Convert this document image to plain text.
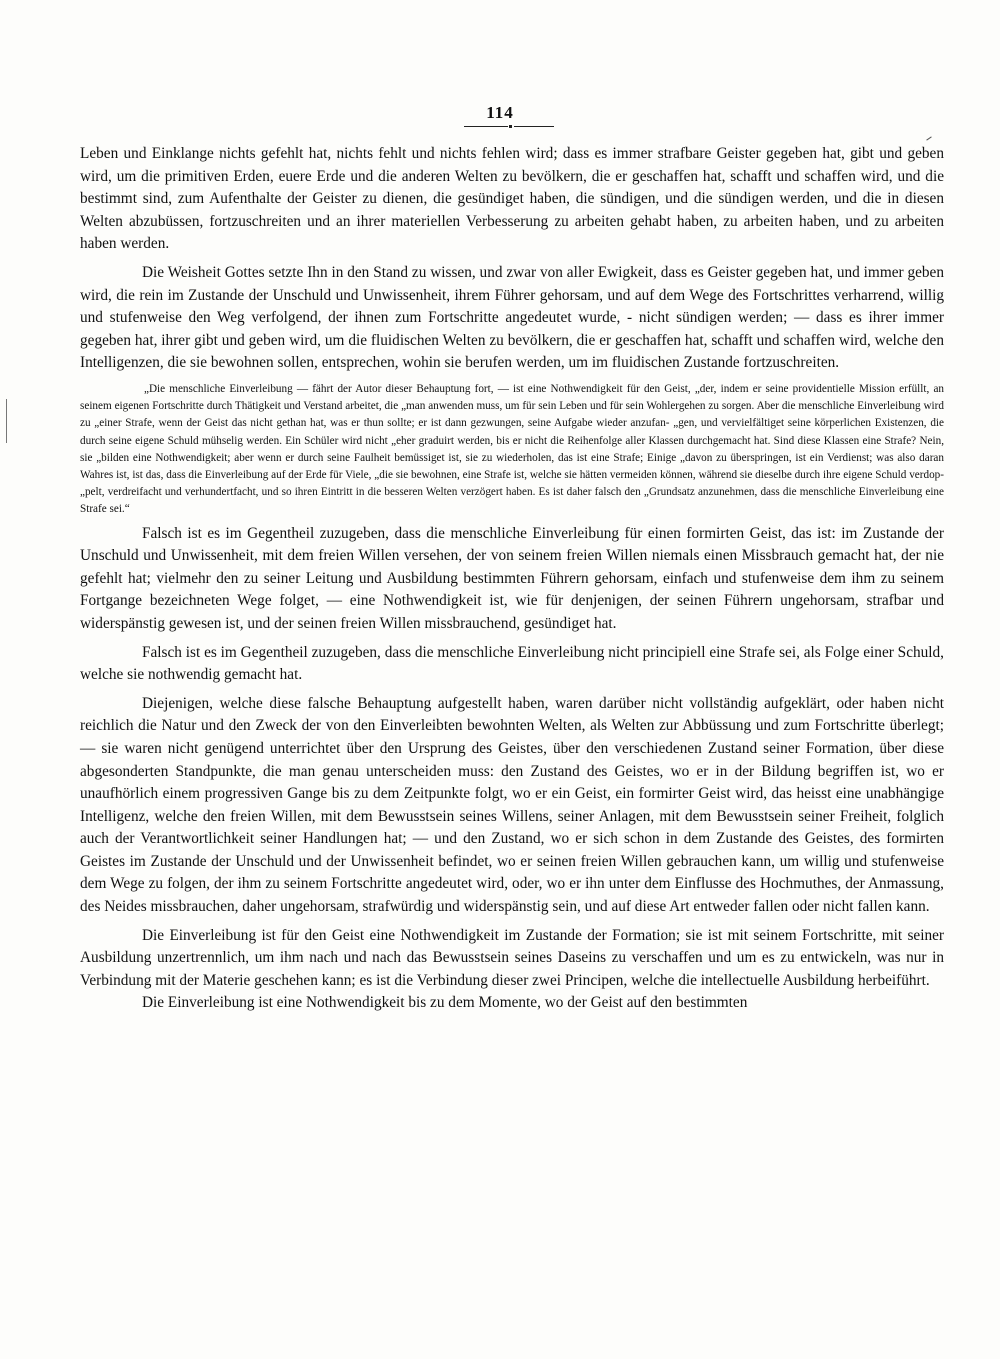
114

Leben und Einklange nichts gefehlt hat, nichts fehlt und nichts fehlen wird; dass es immer strafbare Geister gegeben hat, gibt und geben wird, um die primitiven Erden, euere Erde und die anderen Welten zu bevölkern, die er geschaffen hat, schafft und schaffen wird, und die bestimmt sind, zum Aufenthalte der Geister zu dienen, die gesündiget haben, die sündigen, und die sündigen werden, und die in diesen Welten abzubüssen, fortzuschreiten und an ihrer materiellen Verbesserung zu arbeiten gehabt haben, zu arbeiten haben, und zu arbeiten haben werden.

Die Weisheit Gottes setzte Ihn in den Stand zu wissen, und zwar von aller Ewigkeit, dass es Geister gegeben hat, und immer geben wird, die rein im Zustande der Unschuld und Unwissenheit, ihrem Führer gehorsam, und auf dem Wege des Fortschrittes verharrend, willig und stufenweise den Weg verfolgend, der ihnen zum Fortschritte angedeutet wurde, - nicht sündigen werden; — dass es ihrer immer gegeben hat, ihrer gibt und geben wird, um die fluidischen Welten zu bevölkern, die er geschaffen hat, schafft und schaffen wird, welche den Intelligenzen, die sie bewohnen sollen, entsprechen, wohin sie berufen werden, um im fluidischen Zustande fortzuschreiten.

„Die menschliche Einverleibung — fährt der Autor dieser Behauptung fort, — ist eine Nothwendigkeit für den Geist, „der, indem er seine providentielle Mission erfüllt, an seinem eigenen Fortschritte durch Thätigkeit und Verstand arbeitet, die „man anwenden muss, um für sein Leben und für sein Wohlergehen zu sorgen. Aber die menschliche Einverleibung wird zu „einer Strafe, wenn der Geist das nicht gethan hat, was er thun sollte; er ist dann gezwungen, seine Aufgabe wieder anzufan- „gen, und vervielfältiget seine körperlichen Existenzen, die durch seine eigene Schuld mühselig werden. Ein Schüler wird nicht „eher graduirt werden, bis er nicht die Reihenfolge aller Klassen durchgemacht hat. Sind diese Klassen eine Strafe? Nein, sie „bilden eine Nothwendigkeit; aber wenn er durch seine Faulheit bemüssiget ist, sie zu wiederholen, das ist eine Strafe; Einige „davon zu überspringen, ist ein Verdienst; was also daran Wahres ist, ist das, dass die Einverleibung auf der Erde für Viele, „die sie bewohnen, eine Strafe ist, welche sie hätten vermeiden können, während sie dieselbe durch ihre eigene Schuld verdop- „pelt, verdreifacht und verhundertfacht, und so ihren Eintritt in die besseren Welten verzögert haben. Es ist daher falsch den „Grundsatz anzunehmen, dass die menschliche Einverleibung eine Strafe sei.“

Falsch ist es im Gegentheil zuzugeben, dass die menschliche Einverleibung für einen formirten Geist, das ist: im Zustande der Unschuld und Unwissenheit, mit dem freien Willen versehen, der von seinem freien Willen niemals einen Missbrauch gemacht hat, der nie gefehlt hat; vielmehr den zu seiner Leitung und Ausbildung bestimmten Führern gehorsam, einfach und stufenweise dem ihm zu seinem Fortgange bezeichneten Wege folget, — eine Nothwendigkeit ist, wie für denjenigen, der seinen Führern ungehorsam, strafbar und widerspänstig gewesen ist, und der seinen freien Willen missbrauchend, gesündiget hat.

Falsch ist es im Gegentheil zuzugeben, dass die menschliche Einverleibung nicht principiell eine Strafe sei, als Folge einer Schuld, welche sie nothwendig gemacht hat.

Diejenigen, welche diese falsche Behauptung aufgestellt haben, waren darüber nicht vollständig aufgeklärt, oder haben nicht reichlich die Natur und den Zweck der von den Einverleibten bewohnten Welten, als Welten zur Abbüssung und zum Fortschritte überlegt; — sie waren nicht genügend unterrichtet über den Ursprung des Geistes, über den verschiedenen Zustand seiner Formation, über diese abgesonderten Standpunkte, die man genau unterscheiden muss: den Zustand des Geistes, wo er in der Bildung begriffen ist, wo er unaufhörlich einem progressiven Gange bis zu dem Zeitpunkte folgt, wo er ein Geist, ein formirter Geist wird, das heisst eine unabhängige Intelligenz, welche den freien Willen, mit dem Bewusstsein seines Willens, seiner Anlagen, mit dem Bewusstsein seiner Freiheit, folglich auch der Verantwortlichkeit seiner Handlungen hat; — und den Zustand, wo er sich schon in dem Zustande des Geistes, des formirten Geistes im Zustande der Unschuld und der Unwissenheit befindet, wo er seinen freien Willen gebrauchen kann, um willig und stufenweise dem Wege zu folgen, der ihm zu seinem Fortschritte angedeutet wird, oder, wo er ihn unter dem Einflusse des Hochmuthes, der Anmassung, des Neides missbrauchen, daher ungehorsam, strafwürdig und widerspänstig sein, und auf diese Art entweder fallen oder nicht fallen kann.

Die Einverleibung ist für den Geist eine Nothwendigkeit im Zustande der Formation; sie ist mit seinem Fortschritte, mit seiner Ausbildung unzertrennlich, um ihm nach und nach das Bewusstsein seines Daseins zu verschaffen und um es zu entwickeln, was nur in Verbindung mit der Materie geschehen kann; es ist die Verbindung dieser zwei Principen, welche die intellectuelle Ausbildung herbeiführt.

Die Einverleibung ist eine Nothwendigkeit bis zu dem Momente, wo der Geist auf den bestimmten
